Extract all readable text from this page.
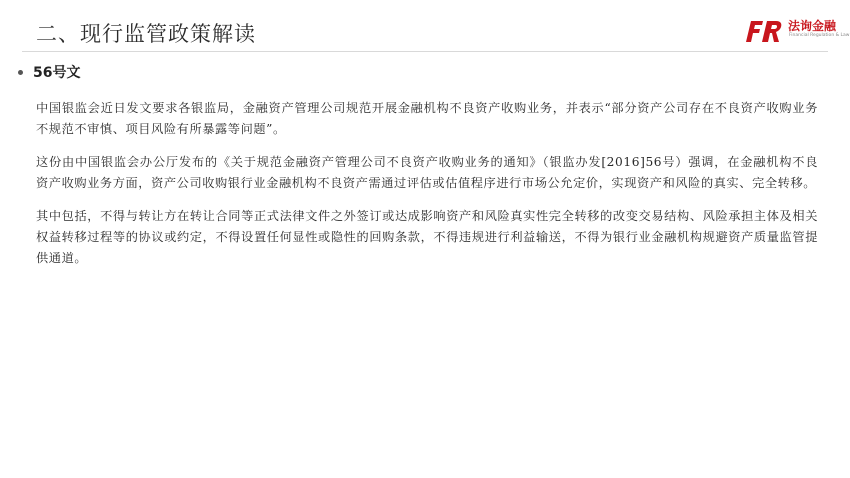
二、现行监管政策解读	法询金融
Financial Regulation & Law
56号文

中国银监会近日发文要求各银监局，金融资产管理公司规范开展金融机构不良资产收购业务，并表示“部分资产公司存在不良资产收购业务不规范不审慎、项目风险有所暴露等问题”。

这份由中国银监会办公厅发布的《关于规范金融资产管理公司不良资产收购业务的通知》（银监办发[2016]56号）强调，在金融机构不良资产收购业务方面，资产公司收购银行业金融机构不良资产需通过评估或估值程序进行市场公允定价，实现资产和风险的真实、完全转移。

其中包括，不得与转让方在转让合同等正式法律文件之外签订或达成影响资产和风险真实性完全转移的改变交易结构、风险承担主体及相关权益转移过程等的协议或约定，不得设置任何显性或隐性的回购条款，不得违规进行利益输送，不得为银行业金融机构规避资产质量监管提供通道。
